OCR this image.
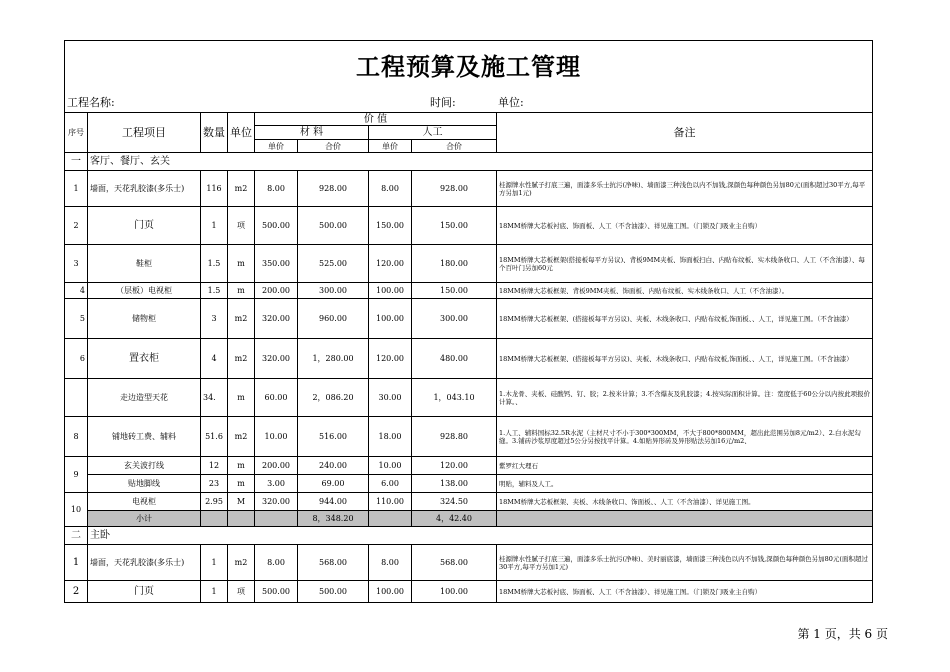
工程预算及施工管理								
工程名称: 时间: 单位:								

序号	工程项目	数量	单位	价 值				备注
				材 料		人工		
				单价	合价	单价	合价	
一	客厅、餐厅、玄关							
1	墙面，天花乳胶漆(多乐士)	116	m2	8.00	928.00	8.00	928.00	桂源牌水性腻子打底三遍，面漆多乐士抗污(净味)、墙面漆三种浅色以内不加钱,深颜色每种颜色另加80元(面积超过30平方,每平方另加1元)
2	门页	1	项	500.00	500.00	150.00	150.00	18MM桥牌大芯板衬底、饰面板、人工（不含油漆）、祥见施工图。（门锁及门吸业主自购）
3	鞋柜	1.5	m	350.00	525.00	120.00	180.00	18MM桥牌大芯板框架(搭接板每平方另议)、背板9MM夹板、饰面板扫白、内贴布纹板、实木线条收口、人工（不含油漆）、每个百叶门另加60元
4	（层板）电视柜	1.5	m	200.00	300.00	100.00	150.00	18MM桥牌大芯板框架、背板9MM夹板、饰面板、内贴布纹板、实木线条收口、人工（不含油漆）。
5	储物柜	3	m2	320.00	960.00	100.00	300.00	18MM桥牌大芯板框架、(搭接板每平方另议)、夹板、木线条收口、内贴布纹板,饰面板、、人工，详见施工图。（不含油漆）
6	置衣柜	4	m2	320.00	1，280.00	120.00	480.00	18MM桥牌大芯板框架、(搭接板每平方另议)、夹板、木线条收口、内贴布纹板,饰面板、、人工，详见施工图。（不含油漆）
	走边造型天花	34.	m	60.00	2，086.20	30.00	1，043.10	1.木龙骨、夹板、硅酸钙、钉、胶；2.按米计算；3.不含爆灰及乳胶漆；4.按实际面积计算。注：宽度低于60公分以内按此项报价计算。、
8	铺地砖工费、辅料	51.6	m2	10.00	516.00	18.00	928.80	1.人工、辅料国标32.5R水泥（主材尺寸不小于300*300MM，不大于800*800MM，超出此范围另加8元/m2）、2.白水泥勾缝。3.铺砖沙浆厚度超过5公分另按找平计算。4.如贴异形砖及异形贴法另加16元/m2、
9	玄关波打线	12	m	200.00	240.00	10.00	120.00	紫罗红大理石
	贴地脚线	23	m	3.00	69.00	6.00	138.00	明贴，辅料及人工。
10	电视柜	2.95	M	320.00	944.00	110.00	324.50	18MM桥牌大芯板框架、夹板、木线条收口、饰面板、、人工（不含油漆）、详见施工图。
	小计				8，348.20		4，42.40	
二	主卧							
1	墙面，天花乳胶漆(多乐士)	1	m2	8.00	568.00	8.00	568.00	桂源牌水性腻子打底三遍，面漆多乐士抗污(净味)、美时丽底漆，墙面漆三种浅色以内不加钱,深颜色每种颜色另加80元(面积超过30平方,每平方另加1元)
2	门页	1	项	500.00	500.00	100.00	100.00	18MM桥牌大芯板衬底、饰面板、人工（不含油漆）、祥见施工图。（门锁及门吸业主自购）
第 1 页，共 6 页
